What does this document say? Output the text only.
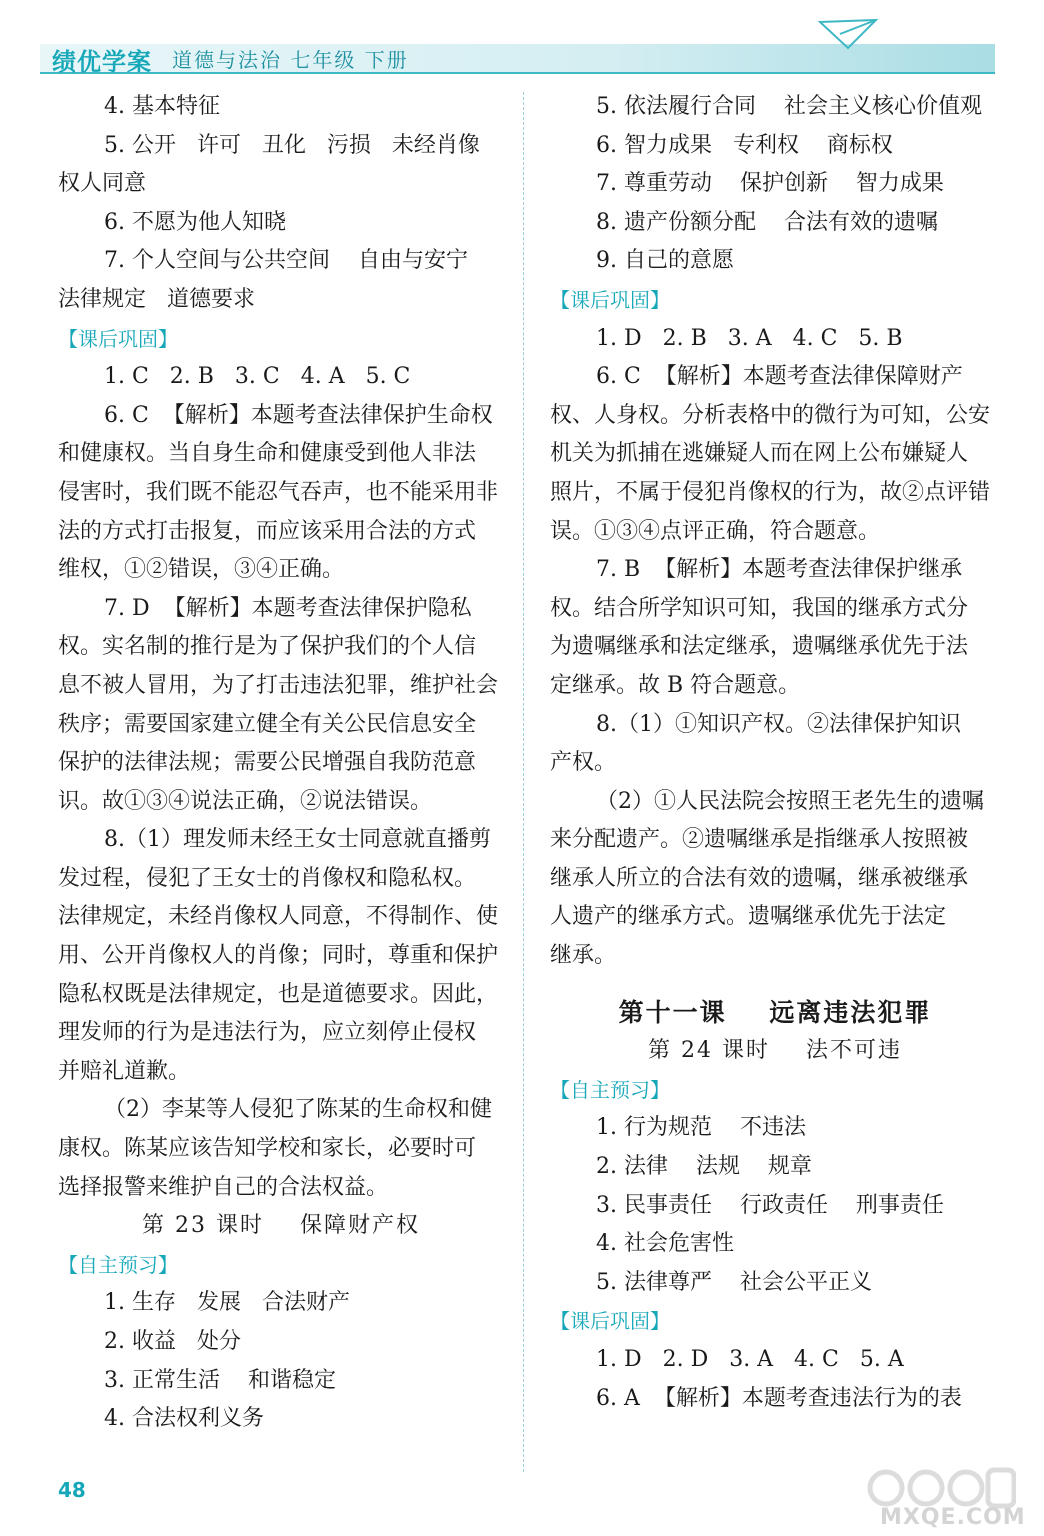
绩优学案 道德与法治 七年级 下册
4. 基本特征
5. 公开   许可   丑化   污损   未经肖像
权人同意
6. 不愿为他人知晓
7. 个人空间与公共空间    自由与安宁
法律规定   道德要求
【课后巩固】
1. C   2. B   3. C   4. A   5. C
6. C  【解析】本题考查法律保护生命权
和健康权。当自身生命和健康受到他人非法
侵害时，我们既不能忍气吞声，也不能采用非
法的方式打击报复，而应该采用合法的方式
维权，①②错误，③④正确。
7. D  【解析】本题考查法律保护隐私
权。实名制的推行是为了保护我们的个人信
息不被人冒用，为了打击违法犯罪，维护社会
秩序；需要国家建立健全有关公民信息安全
保护的法律法规；需要公民增强自我防范意
识。故①③④说法正确，②说法错误。
8.（1）理发师未经王女士同意就直播剪
发过程，侵犯了王女士的肖像权和隐私权。
法律规定，未经肖像权人同意，不得制作、使
用、公开肖像权人的肖像；同时，尊重和保护
隐私权既是法律规定，也是道德要求。因此，
理发师的行为是违法行为，应立刻停止侵权
并赔礼道歉。
（2）李某等人侵犯了陈某的生命权和健
康权。陈某应该告知学校和家长，必要时可
选择报警来维护自己的合法权益。
第 23 课时    保障财产权
【自主预习】
1. 生存   发展   合法财产
2. 收益   处分
3. 正常生活    和谐稳定
4. 合法权利义务
5. 依法履行合同    社会主义核心价值观
6. 智力成果   专利权    商标权
7. 尊重劳动    保护创新    智力成果
8. 遗产份额分配    合法有效的遗嘱
9. 自己的意愿
【课后巩固】
1. D   2. B   3. A   4. C   5. B
6. C  【解析】本题考查法律保障财产
权、人身权。分析表格中的微行为可知，公安
机关为抓捕在逃嫌疑人而在网上公布嫌疑人
照片，不属于侵犯肖像权的行为，故②点评错
误。①③④点评正确，符合题意。
7. B  【解析】本题考查法律保护继承
权。结合所学知识可知，我国的继承方式分
为遗嘱继承和法定继承，遗嘱继承优先于法
定继承。故 B 符合题意。
8.（1）①知识产权。②法律保护知识
产权。
（2）①人民法院会按照王老先生的遗嘱
来分配遗产。②遗嘱继承是指继承人按照被
继承人所立的合法有效的遗嘱，继承被继承
人遗产的继承方式。遗嘱继承优先于法定
继承。
第十一课    远离违法犯罪
第 24 课时    法不可违
【自主预习】
1. 行为规范    不违法
2. 法律    法规    规章
3. 民事责任    行政责任    刑事责任
4. 社会危害性
5. 法律尊严    社会公平正义
【课后巩固】
1. D   2. D   3. A   4. C   5. A
6. A  【解析】本题考查违法行为的表
48
MXQE.COM
